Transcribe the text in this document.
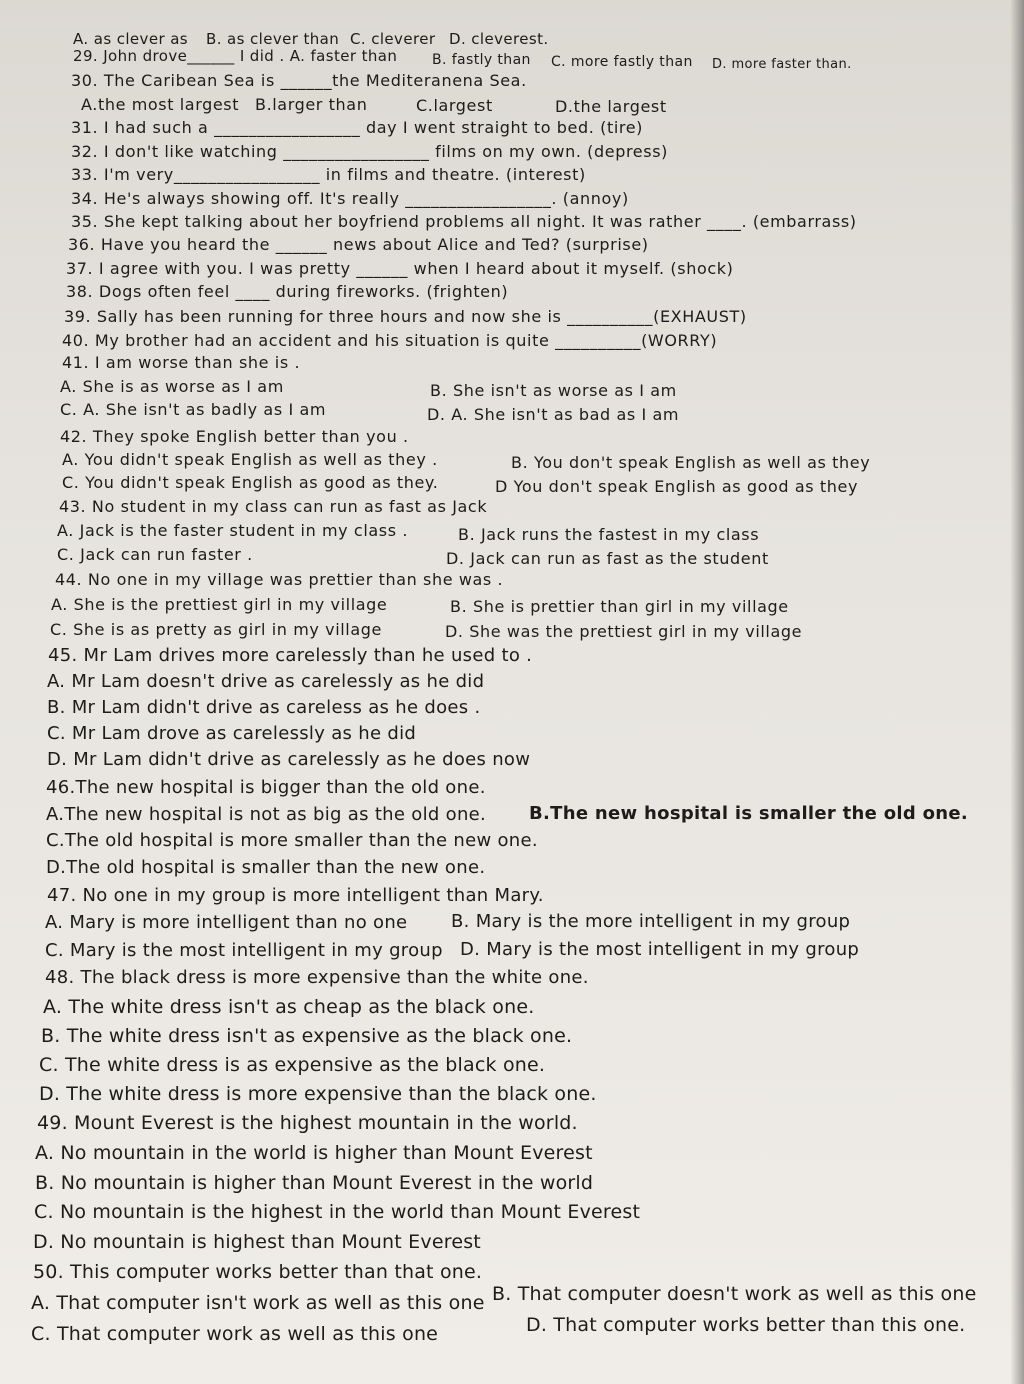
A. as clever as B. as clever than C. cleverer D. cleverest.
29. John drove______ I did . A. faster than B. fastly than C. more fastly than D. more faster than.
30. The Caribean Sea is ______the Mediteranena Sea.
A.the most largest B.larger than	C.largest	D.the largest
31. I had such a _________________ day I went straight to bed. (tire)
32. I don't like watching _________________ films on my own. (depress)
33. I'm very_________________ in films and theatre. (interest)
34. He's always showing off. It's really _________________. (annoy)
35. She kept talking about her boyfriend problems all night. It was rather ____. (embarrass)
36. Have you heard the ______ news about Alice and Ted? (surprise)
37. I agree with you. I was pretty ______ when I heard about it myself. (shock)
38. Dogs often feel ____ during fireworks. (frighten)
39. Sally has been running for three hours and now she is __________(EXHAUST)
40. My brother had an accident and his situation is quite __________(WORRY)
41. I am worse than she is .
A. She is as worse as I am	B. She isn't as worse as I am
C. A. She isn't as badly as I am	D. A. She isn't as bad as I am
42. They spoke English better than you .
A. You didn't speak English as well as they .	B. You don't speak English as well as they
C. You didn't speak English as good as they.	D You don't speak English as good as they
43. No student in my class can run as fast as Jack
A. Jack is the faster student in my class .	B. Jack runs the fastest in my class
C. Jack can run faster .	D. Jack can run as fast as the student
44. No one in my village was prettier than she was .
A. She is the prettiest girl in my village	B. She is prettier than girl in my village
C. She is as pretty as girl in my village	D. She was the prettiest girl in my village
45. Mr Lam drives more carelessly than he used to .
A. Mr Lam doesn't drive as carelessly as he did
B. Mr Lam didn't drive as careless as he does .
C. Mr Lam drove as carelessly as he did
D. Mr Lam didn't drive as carelessly as he does now
46.The new hospital is bigger than the old one.
A.The new hospital is not as big as the old one. B.The new hospital is smaller the old one.
C.The old hospital is more smaller than the new one.
D.The old hospital is smaller than the new one.
47. No one in my group is more intelligent than Mary.
A. Mary is more intelligent than no one B. Mary is the more intelligent in my group
C. Mary is the most intelligent in my group D. Mary is the most intelligent in my group
48. The black dress is more expensive than the white one.
A. The white dress isn't as cheap as the black one.
B. The white dress isn't as expensive as the black one.
C. The white dress is as expensive as the black one.
D. The white dress is more expensive than the black one.
49. Mount Everest is the highest mountain in the world.
A. No mountain in the world is higher than Mount Everest
B. No mountain is higher than Mount Everest in the world
C. No mountain is the highest in the world than Mount Everest
D. No mountain is highest than Mount Everest
50. This computer works better than that one.
A. That computer isn't work as well as this one B. That computer doesn't work as well as this one
C. That computer work as well as this one	D. That computer works better than this one.
